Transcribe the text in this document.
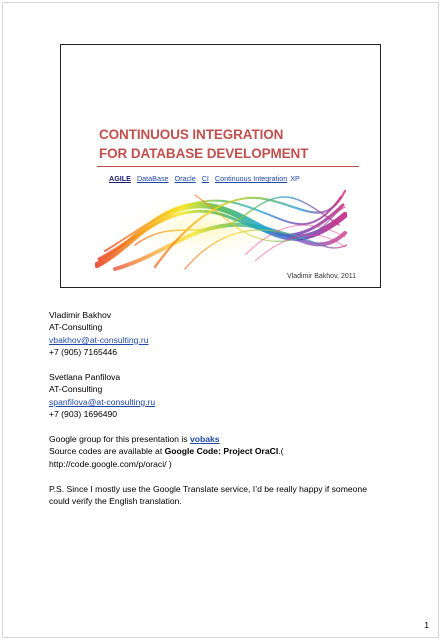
CONTINUOUS INTEGRATION
FOR DATABASE DEVELOPMENT
AGILE DataBase Oracle CI Continuous Integration XP
Vladimir Bakhov, 2011

Vladimir Bakhov

AT-Consulting

vbakhov@at-consulting.ru

+7 (905) 7165446

Svetlana Panfilova

AT-Consulting

spanfilova@at-consulting.ru

+7 (903) 1696490

Google group for this presentation is vobaks

Source codes are available at Google Code: Project OraCI.(

http://code.google.com/p/oraci/ )

P.S. Since I mostly use the Google Translate service, I’d be really happy if someone

could verify the English translation.

1
